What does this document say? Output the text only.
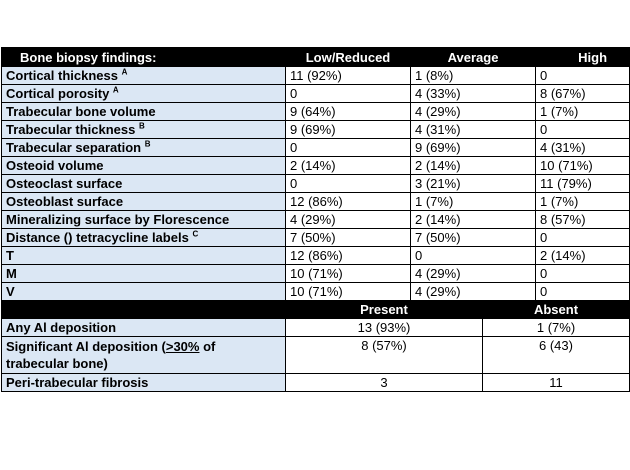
Bone biopsy findings:	Low/Reduced	Average		High
Cortical thickness $^A$	11 (92%)	1 (8%)		0
Cortical porosity $^A$	0	4 (33%)		8 (67%)
Trabecular bone volume	9 (64%)	4 (29%)		1 (7%)
Trabecular thickness $^B$	9 (69%)	4 (31%)		0
Trabecular separation $^B$	0	9 (69%)		4 (31%)
Osteoid volume	2 (14%)	2 (14%)		10 (71%)
Osteoclast surface	0	3 (21%)		11 (79%)
Osteoblast surface	12 (86%)	1 (7%)		1 (7%)
Mineralizing surface by Florescence	4 (29%)	2 (14%)		8 (57%)
Distance () tetracycline labels $^C$	7 (50%)	7 (50%)		0
T	12 (86%)	0		2 (14%)
M	10 (71%)	4 (29%)		0
V	10 (71%)	4 (29%)		0
	Present		Absent	
Any Al deposition	13 (93%)		1 (7%)	
Significant Al deposition (>30% of trabecular bone)	8 (57%)		6 (43)	
Peri-trabecular fibrosis	3		11	
